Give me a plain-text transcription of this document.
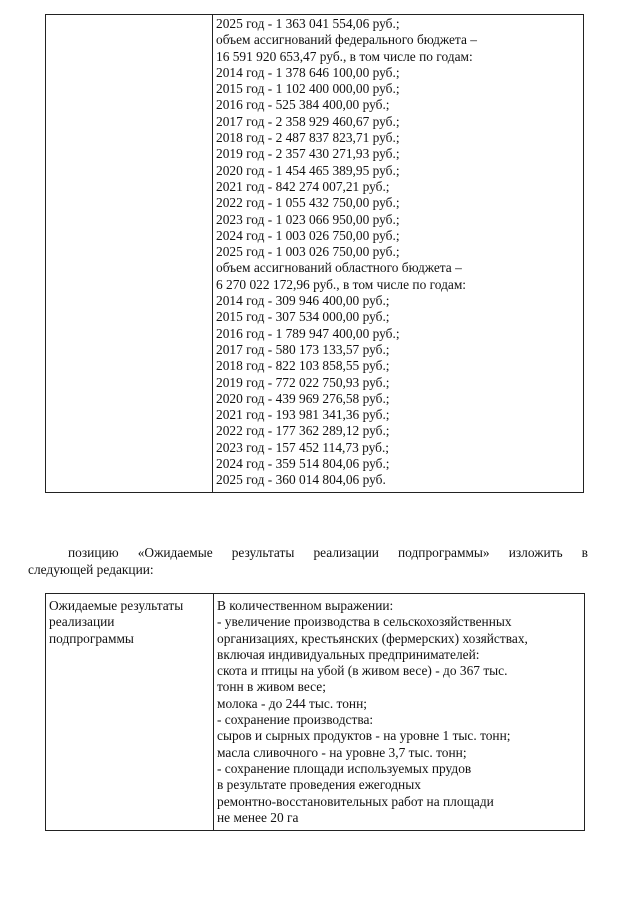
2025 год - 1 363 041 554,06 руб.;
объем ассигнований федерального бюджета –
16 591 920 653,47 руб., в том числе по годам:
2014 год - 1 378 646 100,00 руб.;
2015 год - 1 102 400 000,00 руб.;
2016 год - 525 384 400,00 руб.;
2017 год - 2 358 929 460,67 руб.;
2018 год - 2 487 837 823,71 руб.;
2019 год - 2 357 430 271,93 руб.;
2020 год - 1 454 465 389,95 руб.;
2021 год - 842 274 007,21 руб.;
2022 год - 1 055 432 750,00 руб.;
2023 год - 1 023 066 950,00 руб.;
2024 год - 1 003 026 750,00 руб.;
2025 год - 1 003 026 750,00 руб.;
объем ассигнований областного бюджета –
6 270 022 172,96 руб., в том числе по годам:
2014 год - 309 946 400,00 руб.;
2015 год - 307 534 000,00 руб.;
2016 год - 1 789 947 400,00 руб.;
2017 год - 580 173 133,57 руб.;
2018 год - 822 103 858,55 руб.;
2019 год - 772 022 750,93 руб.;
2020 год - 439 969 276,58 руб.;
2021 год - 193 981 341,36 руб.;
2022 год - 177 362 289,12 руб.;
2023 год - 157 452 114,73 руб.;
2024 год - 359 514 804,06 руб.;
2025 год - 360 014 804,06 руб.
позицию «Ожидаемые результаты реализации подпрограммы» изложить в
следующей редакции:
Ожидаемые результаты
реализации
подпрограммы

В количественном выражении:
- увеличение производства в сельскохозяйственных
организациях, крестьянских (фермерских) хозяйствах,
включая индивидуальных предпринимателей:
скота и птицы на убой (в живом весе) - до 367 тыс.
тонн в живом весе;
молока - до 244 тыс. тонн;
- сохранение производства:
сыров и сырных продуктов - на уровне 1 тыс. тонн;
масла сливочного - на уровне 3,7 тыс. тонн;
- сохранение площади используемых прудов
в результате проведения ежегодных
ремонтно-восстановительных работ на площади
не менее 20 га
